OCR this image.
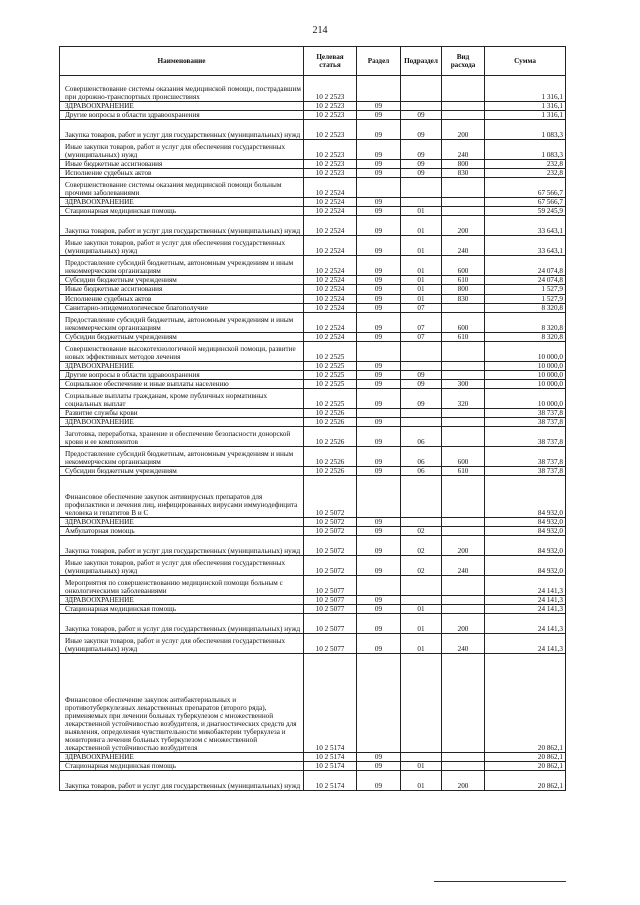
214
Наименование	Целевая статья	Раздел	Подраздел	Вид расхода	Сумма
Совершенствование системы оказания медицинской помощи, пострадавшим при дорожно-транспортных происшествиях	10 2 2523				1 316,1
ЗДРАВООХРАНЕНИЕ	10 2 2523	09			1 316,1
Другие вопросы в области здравоохранения	10 2 2523	09	09		1 316,1
Закупка товаров, работ и услуг для государственных (муниципальных) нужд	10 2 2523	09	09	200	1 083,3
Иные закупки товаров, работ и услуг для обеспечения государственных (муниципальных) нужд	10 2 2523	09	09	240	1 083,3
Иные бюджетные ассигнования	10 2 2523	09	09	800	232,8
Исполнение судебных актов	10 2 2523	09	09	830	232,8
Совершенствование системы оказания медицинской помощи больным прочими заболеваниями	10 2 2524				67 566,7
ЗДРАВООХРАНЕНИЕ	10 2 2524	09			67 566,7
Стационарная медицинская помощь	10 2 2524	09	01		59 245,9
Закупка товаров, работ и услуг для государственных (муниципальных) нужд	10 2 2524	09	01	200	33 643,1
Иные закупки товаров, работ и услуг для обеспечения государственных (муниципальных) нужд	10 2 2524	09	01	240	33 643,1
Предоставление субсидий бюджетным, автономным учреждениям и иным некоммерческим организациям	10 2 2524	09	01	600	24 074,8
Субсидии бюджетным учреждениям	10 2 2524	09	01	610	24 074,8
Иные бюджетные ассигнования	10 2 2524	09	01	800	1 527,9
Исполнение судебных актов	10 2 2524	09	01	830	1 527,9
Санитарно-эпидемиологическое благополучие	10 2 2524	09	07		8 320,8
Предоставление субсидий бюджетным, автономным учреждениям и иным некоммерческим организациям	10 2 2524	09	07	600	8 320,8
Субсидии бюджетным учреждениям	10 2 2524	09	07	610	8 320,8
Совершенствование высокотехнологичной медицинской помощи, развитие новых эффективных методов лечения	10 2 2525				10 000,0
ЗДРАВООХРАНЕНИЕ	10 2 2525	09			10 000,0
Другие вопросы в области здравоохранения	10 2 2525	09	09		10 000,0
Социальное обеспечение и иные выплаты населению	10 2 2525	09	09	300	10 000,0
Социальные выплаты гражданам, кроме публичных нормативных социальных выплат	10 2 2525	09	09	320	10 000,0
Развитие службы крови	10 2 2526				38 737,8
ЗДРАВООХРАНЕНИЕ	10 2 2526	09			38 737,8
Заготовка, переработка, хранение и обеспечение безопасности донорской крови и ее компонентов	10 2 2526	09	06		38 737,8
Предоставление субсидий бюджетным, автономным учреждениям и иным некоммерческим организациям	10 2 2526	09	06	600	38 737,8
Субсидии бюджетным учреждениям	10 2 2526	09	06	610	38 737,8
Финансовое обеспечение закупок антивирусных препаратов для профилактики и лечения лиц, инфицированных вирусами иммунодефицита человека и гепатитов B и C	10 2 5072				84 932,0
ЗДРАВООХРАНЕНИЕ	10 2 5072	09			84 932,0
Амбулаторная помощь	10 2 5072	09	02		84 932,0
Закупка товаров, работ и услуг для государственных (муниципальных) нужд	10 2 5072	09	02	200	84 932,0
Иные закупки товаров, работ и услуг для обеспечения государственных (муниципальных) нужд	10 2 5072	09	02	240	84 932,0
Мероприятия по совершенствованию медицинской помощи больным с онкологическими заболеваниями	10 2 5077				24 141,3
ЗДРАВООХРАНЕНИЕ	10 2 5077	09			24 141,3
Стационарная медицинская помощь	10 2 5077	09	01		24 141,3
Закупка товаров, работ и услуг для государственных (муниципальных) нужд	10 2 5077	09	01	200	24 141,3
Иные закупки товаров, работ и услуг для обеспечения государственных (муниципальных) нужд	10 2 5077	09	01	240	24 141,3
Финансовое обеспечение закупок антибактериальных и противотуберкулезных лекарственных препаратов (второго ряда), применяемых при лечении больных туберкулезом с множественной лекарственной устойчивостью возбудителя, и диагностических средств для выявления, определения чувствительности микобактерии туберкулеза и мониторинга лечения больных туберкулезом с множественной лекарственной устойчивостью возбудителя	10 2 5174				20 862,1
ЗДРАВООХРАНЕНИЕ	10 2 5174	09			20 862,1
Стационарная медицинская помощь	10 2 5174	09	01		20 862,1
Закупка товаров, работ и услуг для государственных (муниципальных) нужд	10 2 5174	09	01	200	20 862,1
